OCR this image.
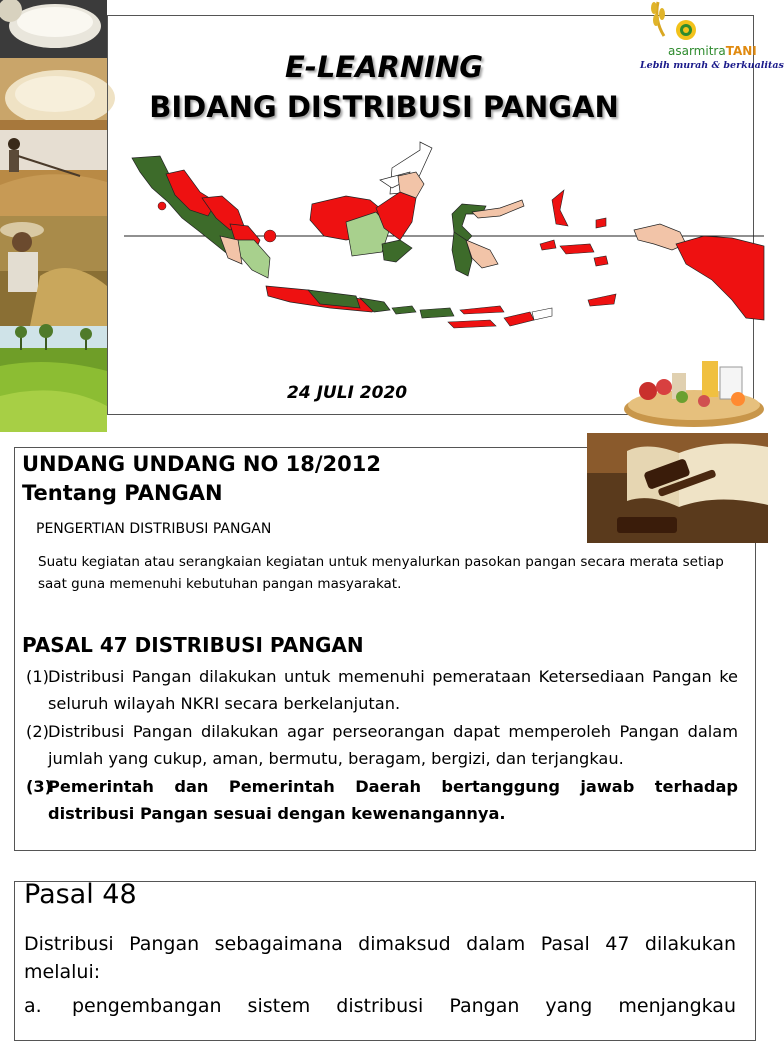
E-LEARNING
BIDANG DISTRIBUSI PANGAN
asarmitraTANI
Lebih murah & berkualitas
24 JULI 2020
UNDANG UNDANG NO 18/2012
Tentang PANGAN
PENGERTIAN DISTRIBUSI PANGAN
Suatu kegiatan atau serangkaian kegiatan untuk menyalurkan pasokan pangan secara merata setiap saat guna memenuhi kebutuhan pangan masyarakat.
PASAL 47 DISTRIBUSI PANGAN
(1) Distribusi Pangan dilakukan untuk memenuhi pemerataan Ketersediaan Pangan ke seluruh wilayah NKRI secara berkelanjutan.
(2) Distribusi Pangan dilakukan agar perseorangan dapat memperoleh Pangan dalam jumlah yang cukup, aman, bermutu, beragam, bergizi, dan terjangkau.
(3)
Pemerintah dan Pemerintah Daerah bertanggung jawab terhadap distribusi Pangan sesuai dengan kewenangannya.
Pasal 48
Distribusi Pangan sebagaimana dimaksud dalam Pasal 47 dilakukan melalui:
a.	pengembangan sistem distribusi Pangan yang menjangkau
